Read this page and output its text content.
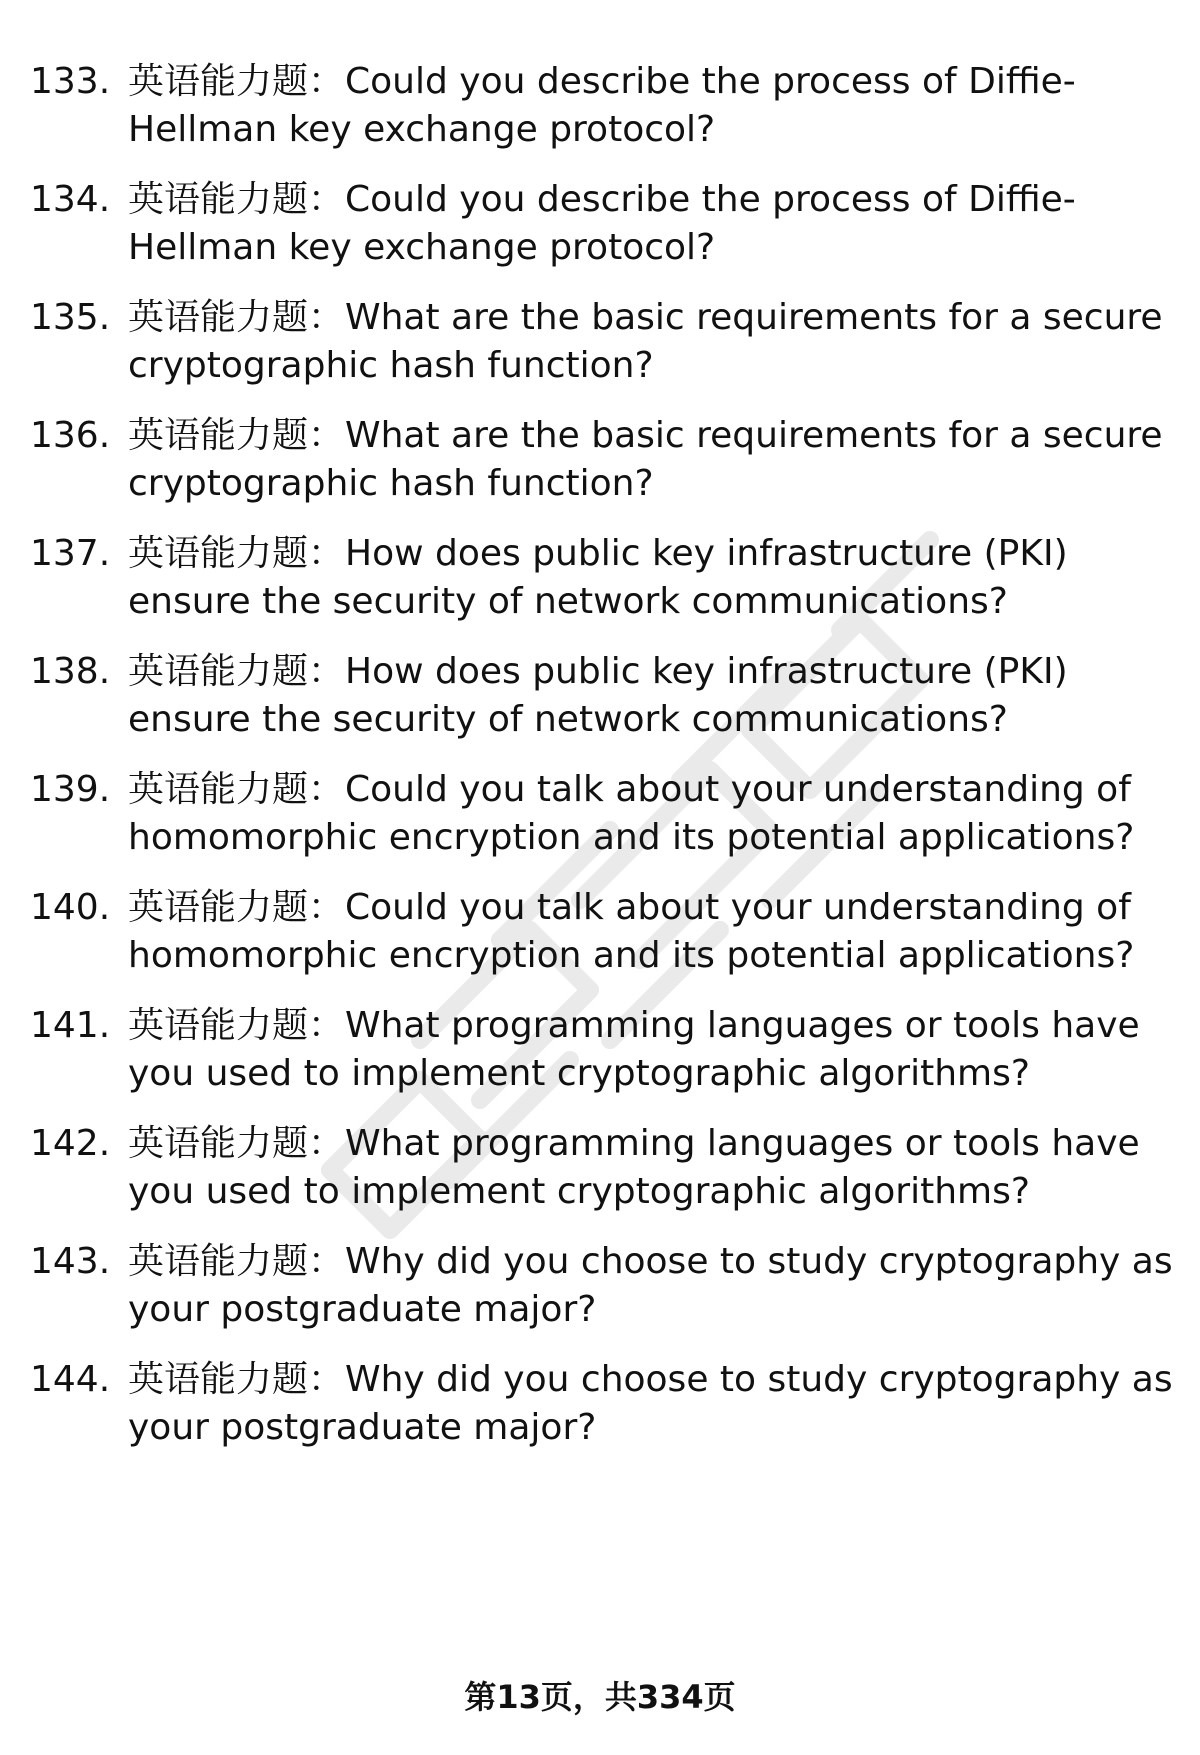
133. 英语能力题： Could you describe the process of Diffie-
Hellman key exchange protocol?
134. 英语能力题： Could you describe the process of Diffie-
Hellman key exchange protocol?
135. 英语能力题： What are the basic requirements for a secure
cryptographic hash function?
136. 英语能力题： What are the basic requirements for a secure
cryptographic hash function?
137. 英语能力题： How does public key infrastructure (PKI)
ensure the security of network communications?
138. 英语能力题： How does public key infrastructure (PKI)
ensure the security of network communications?
139. 英语能力题： Could you talk about your understanding of
homomorphic encryption and its potential applications?
140. 英语能力题： Could you talk about your understanding of
homomorphic encryption and its potential applications?
141. 英语能力题： What programming languages or tools have
you used to implement cryptographic algorithms?
142. 英语能力题： What programming languages or tools have
you used to implement cryptographic algorithms?
143. 英语能力题： Why did you choose to study cryptography as
your postgraduate major?
144. 英语能力题： Why did you choose to study cryptography as
your postgraduate major?
第13页，共334页
